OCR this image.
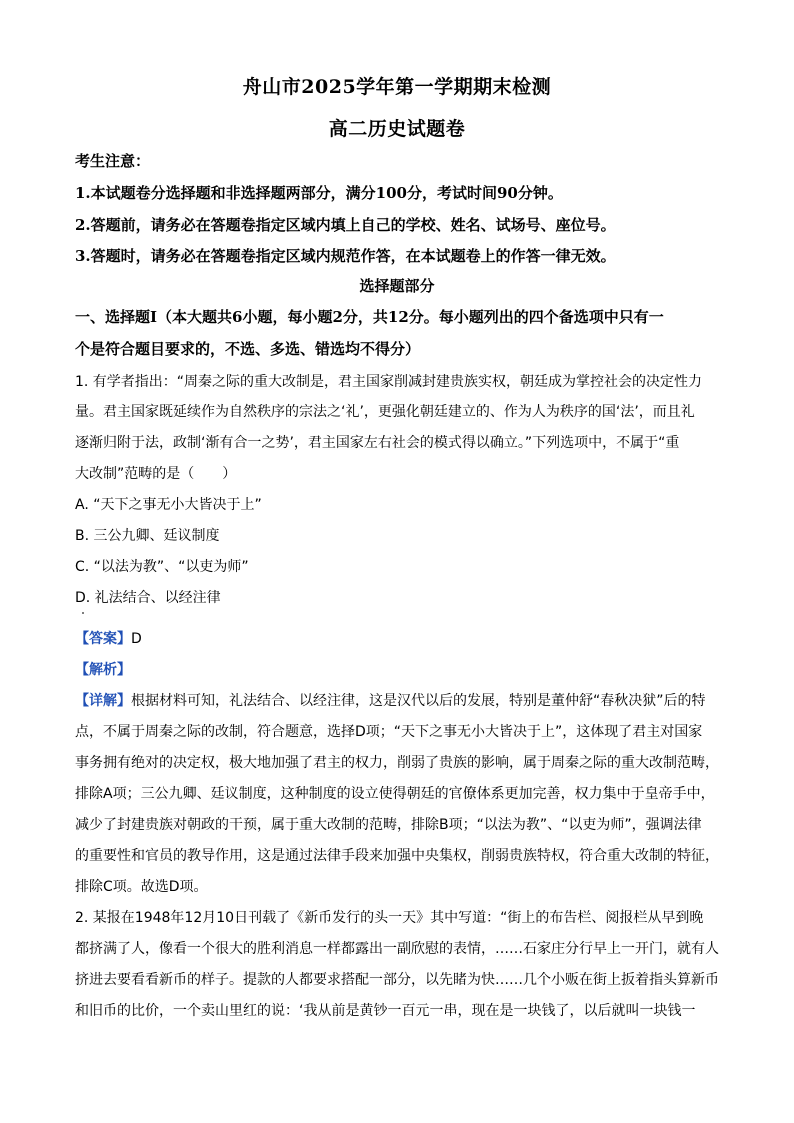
舟山市2025学年第一学期期末检测
高二历史试题卷
考生注意：
1.本试题卷分选择题和非选择题两部分，满分100分，考试时间90分钟。
2.答题前，请务必在答题卷指定区域内填上自己的学校、姓名、试场号、座位号。
3.答题时，请务必在答题卷指定区域内规范作答，在本试题卷上的作答一律无效。
选择题部分
一、选择题Ⅰ（本大题共6小题，每小题2分，共12分。每小题列出的四个备选项中只有一
个是符合题目要求的，不选、多选、错选均不得分）
1. 有学者指出：“周秦之际的重大改制是，君主国家削减封建贵族实权，朝廷成为掌控社会的决定性力
量。君主国家既延续作为自然秩序的宗法之‘礼’，更强化朝廷建立的、作为人为秩序的国‘法’，而且礼
逐渐归附于法，政制‘渐有合一之势’，君主国家左右社会的模式得以确立。”下列选项中，不属于“重
大改制”范畴的是（　　）
A. “天下之事无小大皆决于上”
B. 三公九卿、廷议制度
C. “以法为教”、“以吏为师”
D. 礼法结合、以经注律
【答案】D
【解析】
【详解】根据材料可知，礼法结合、以经注律，这是汉代以后的发展，特别是董仲舒“春秋决狱”后的特
点，不属于周秦之际的改制，符合题意，选择D项；“天下之事无小大皆决于上”，这体现了君主对国家
事务拥有绝对的决定权，极大地加强了君主的权力，削弱了贵族的影响，属于周秦之际的重大改制范畴，
排除A项；三公九卿、廷议制度，这种制度的设立使得朝廷的官僚体系更加完善，权力集中于皇帝手中，
减少了封建贵族对朝政的干预，属于重大改制的范畴，排除B项；“以法为教”、“以吏为师”，强调法律
的重要性和官员的教导作用，这是通过法律手段来加强中央集权，削弱贵族特权，符合重大改制的特征，
排除C项。故选D项。
2. 某报在1948年12月10日刊载了《新币发行的头一天》其中写道：“街上的布告栏、阅报栏从早到晚
都挤满了人，像看一个很大的胜利消息一样都露出一副欣慰的表情，……石家庄分行早上一开门，就有人
挤进去要看看新币的样子。提款的人都要求搭配一部分，以先睹为快……几个小贩在街上扳着指头算新币
和旧币的比价，一个卖山里红的说：‘我从前是黄钞一百元一串，现在是一块钱了，以后就叫一块钱一
